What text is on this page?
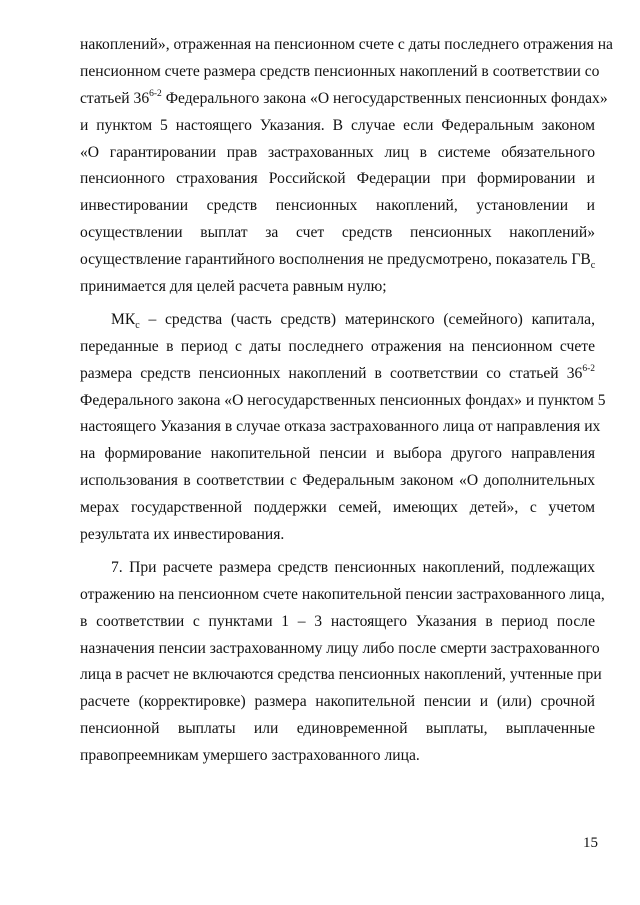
накоплений», отраженная на пенсионном счете с даты последнего отражения на
пенсионном счете размера средств пенсионных накоплений в соответствии со
статьей 36$^{6-2}$ Федерального закона «О негосударственных пенсионных фондах»
и пунктом 5 настоящего Указания. В случае если Федеральным законом
«О гарантировании прав застрахованных лиц в системе обязательного
пенсионного страхования Российской Федерации при формировании и
инвестировании средств пенсионных накоплений, установлении и
осуществлении выплат за счет средств пенсионных накоплений»
осуществление гарантийного восполнения не предусмотрено, показатель $ГВ_с$
принимается для целей расчета равным нулю;
$МК_с$ – средства (часть средств) материнского (семейного) капитала,
переданные в период с даты последнего отражения на пенсионном счете
размера средств пенсионных накоплений в соответствии со статьей 36$^{6-2}$
Федерального закона «О негосударственных пенсионных фондах» и пунктом 5
настоящего Указания в случае отказа застрахованного лица от направления их
на формирование накопительной пенсии и выбора другого направления
использования в соответствии с Федеральным законом «О дополнительных
мерах государственной поддержки семей, имеющих детей», с учетом
результата их инвестирования.
7. При расчете размера средств пенсионных накоплений, подлежащих
отражению на пенсионном счете накопительной пенсии застрахованного лица,
в соответствии с пунктами 1 – 3 настоящего Указания в период после
назначения пенсии застрахованному лицу либо после смерти застрахованного
лица в расчет не включаются средства пенсионных накоплений, учтенные при
расчете (корректировке) размера накопительной пенсии и (или) срочной
пенсионной выплаты или единовременной выплаты, выплаченные
правопреемникам умершего застрахованного лица.
15
